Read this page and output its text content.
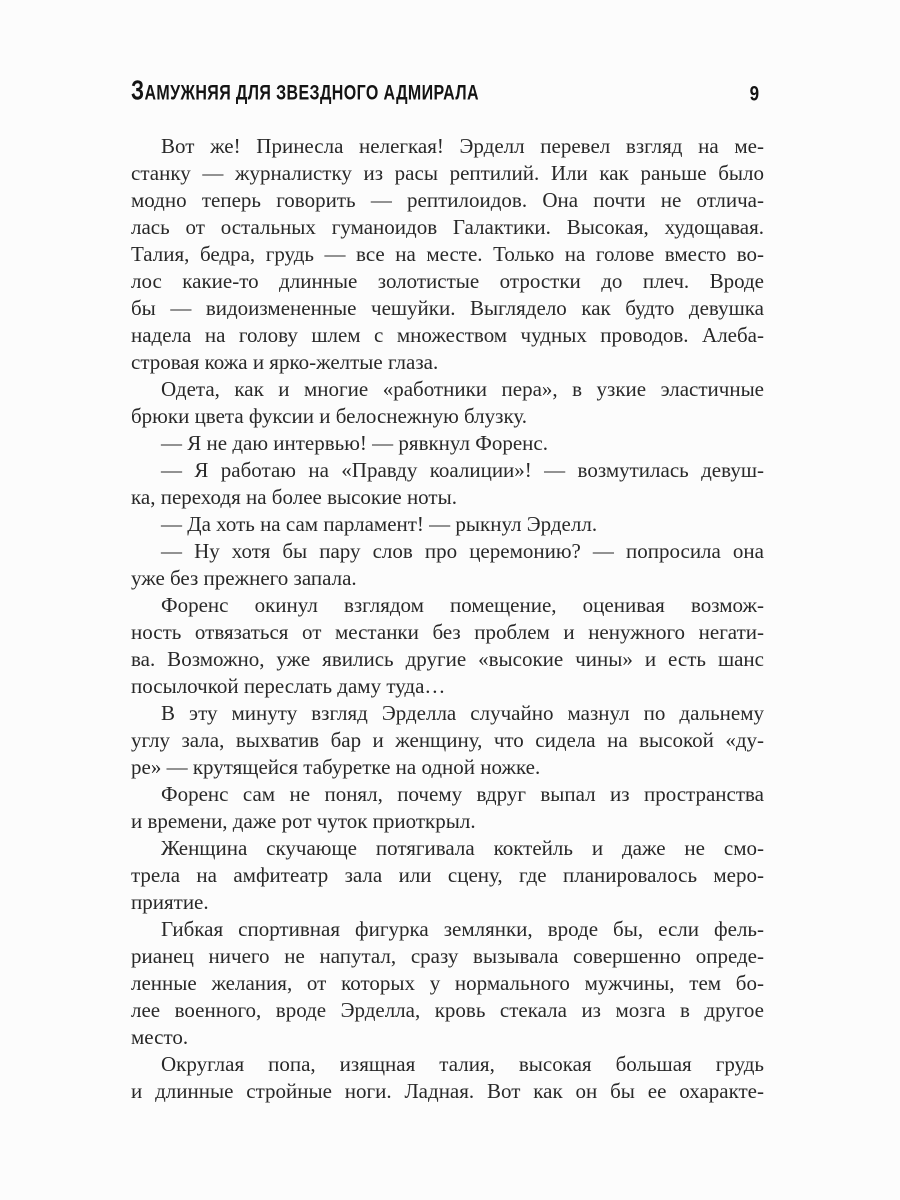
ЗАМУЖНЯЯ ДЛЯ ЗВЕЗДНОГО АДМИРАЛА	9
Вот же! Принесла нелегкая! Эрделл перевел взгляд на ме-
станку — журналистку из расы рептилий. Или как раньше было
модно теперь говорить — рептилоидов. Она почти не отлича-
лась от остальных гуманоидов Галактики. Высокая, худощавая.
Талия, бедра, грудь — все на месте. Только на голове вместо во-
лос какие-то длинные золотистые отростки до плеч. Вроде
бы — видоизмененные чешуйки. Выглядело как будто девушка
надела на голову шлем с множеством чудных проводов. Алеба-
стровая кожа и ярко-желтые глаза.
Одета, как и многие «работники пера», в узкие эластичные
брюки цвета фуксии и белоснежную блузку.
— Я не даю интервью! — рявкнул Форенс.
— Я работаю на «Правду коалиции»! — возмутилась девуш-
ка, переходя на более высокие ноты.
— Да хоть на сам парламент! — рыкнул Эрделл.
— Ну хотя бы пару слов про церемонию? — попросила она
уже без прежнего запала.
Форенс окинул взглядом помещение, оценивая возмож-
ность отвязаться от местанки без проблем и ненужного негати-
ва. Возможно, уже явились другие «высокие чины» и есть шанс
посылочкой переслать даму туда…
В эту минуту взгляд Эрделла случайно мазнул по дальнему
углу зала, выхватив бар и женщину, что сидела на высокой «ду-
ре» — крутящейся табуретке на одной ножке.
Форенс сам не понял, почему вдруг выпал из пространства
и времени, даже рот чуток приоткрыл.
Женщина скучающе потягивала коктейль и даже не смо-
трела на амфитеатр зала или сцену, где планировалось меро-
приятие.
Гибкая спортивная фигурка землянки, вроде бы, если фель-
рианец ничего не напутал, сразу вызывала совершенно опреде-
ленные желания, от которых у нормального мужчины, тем бо-
лее военного, вроде Эрделла, кровь стекала из мозга в другое
место.
Округлая попа, изящная талия, высокая большая грудь
и длинные стройные ноги. Ладная. Вот как он бы ее охаракте-
